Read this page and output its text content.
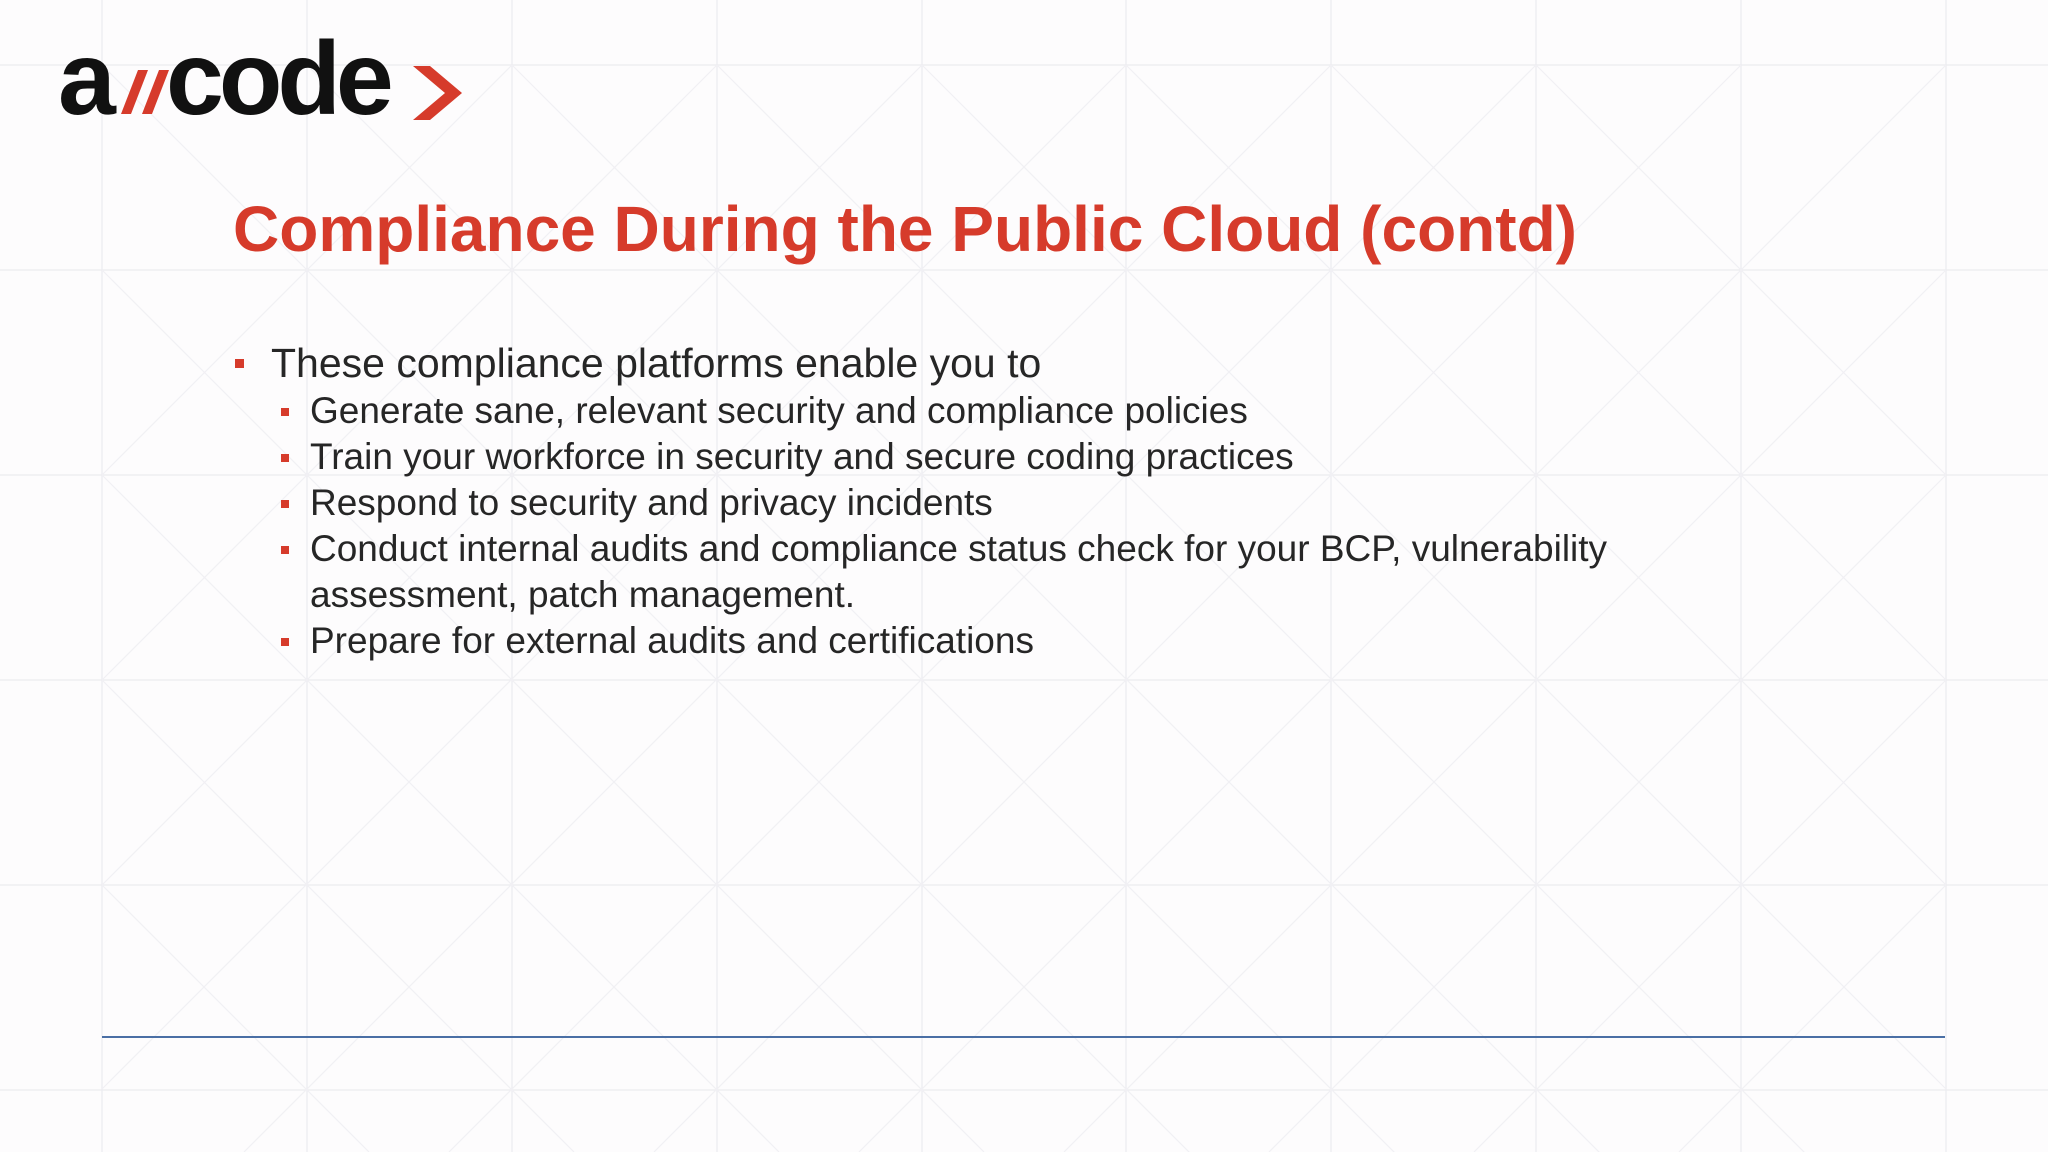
a code
Compliance During the Public Cloud (contd)
These compliance platforms enable you to
Generate sane, relevant security and compliance policies
Train your workforce in security and secure coding practices
Respond to security and privacy incidents
Conduct internal audits and compliance status check for your BCP, vulnerability
assessment, patch management.
Prepare for external audits and certifications
